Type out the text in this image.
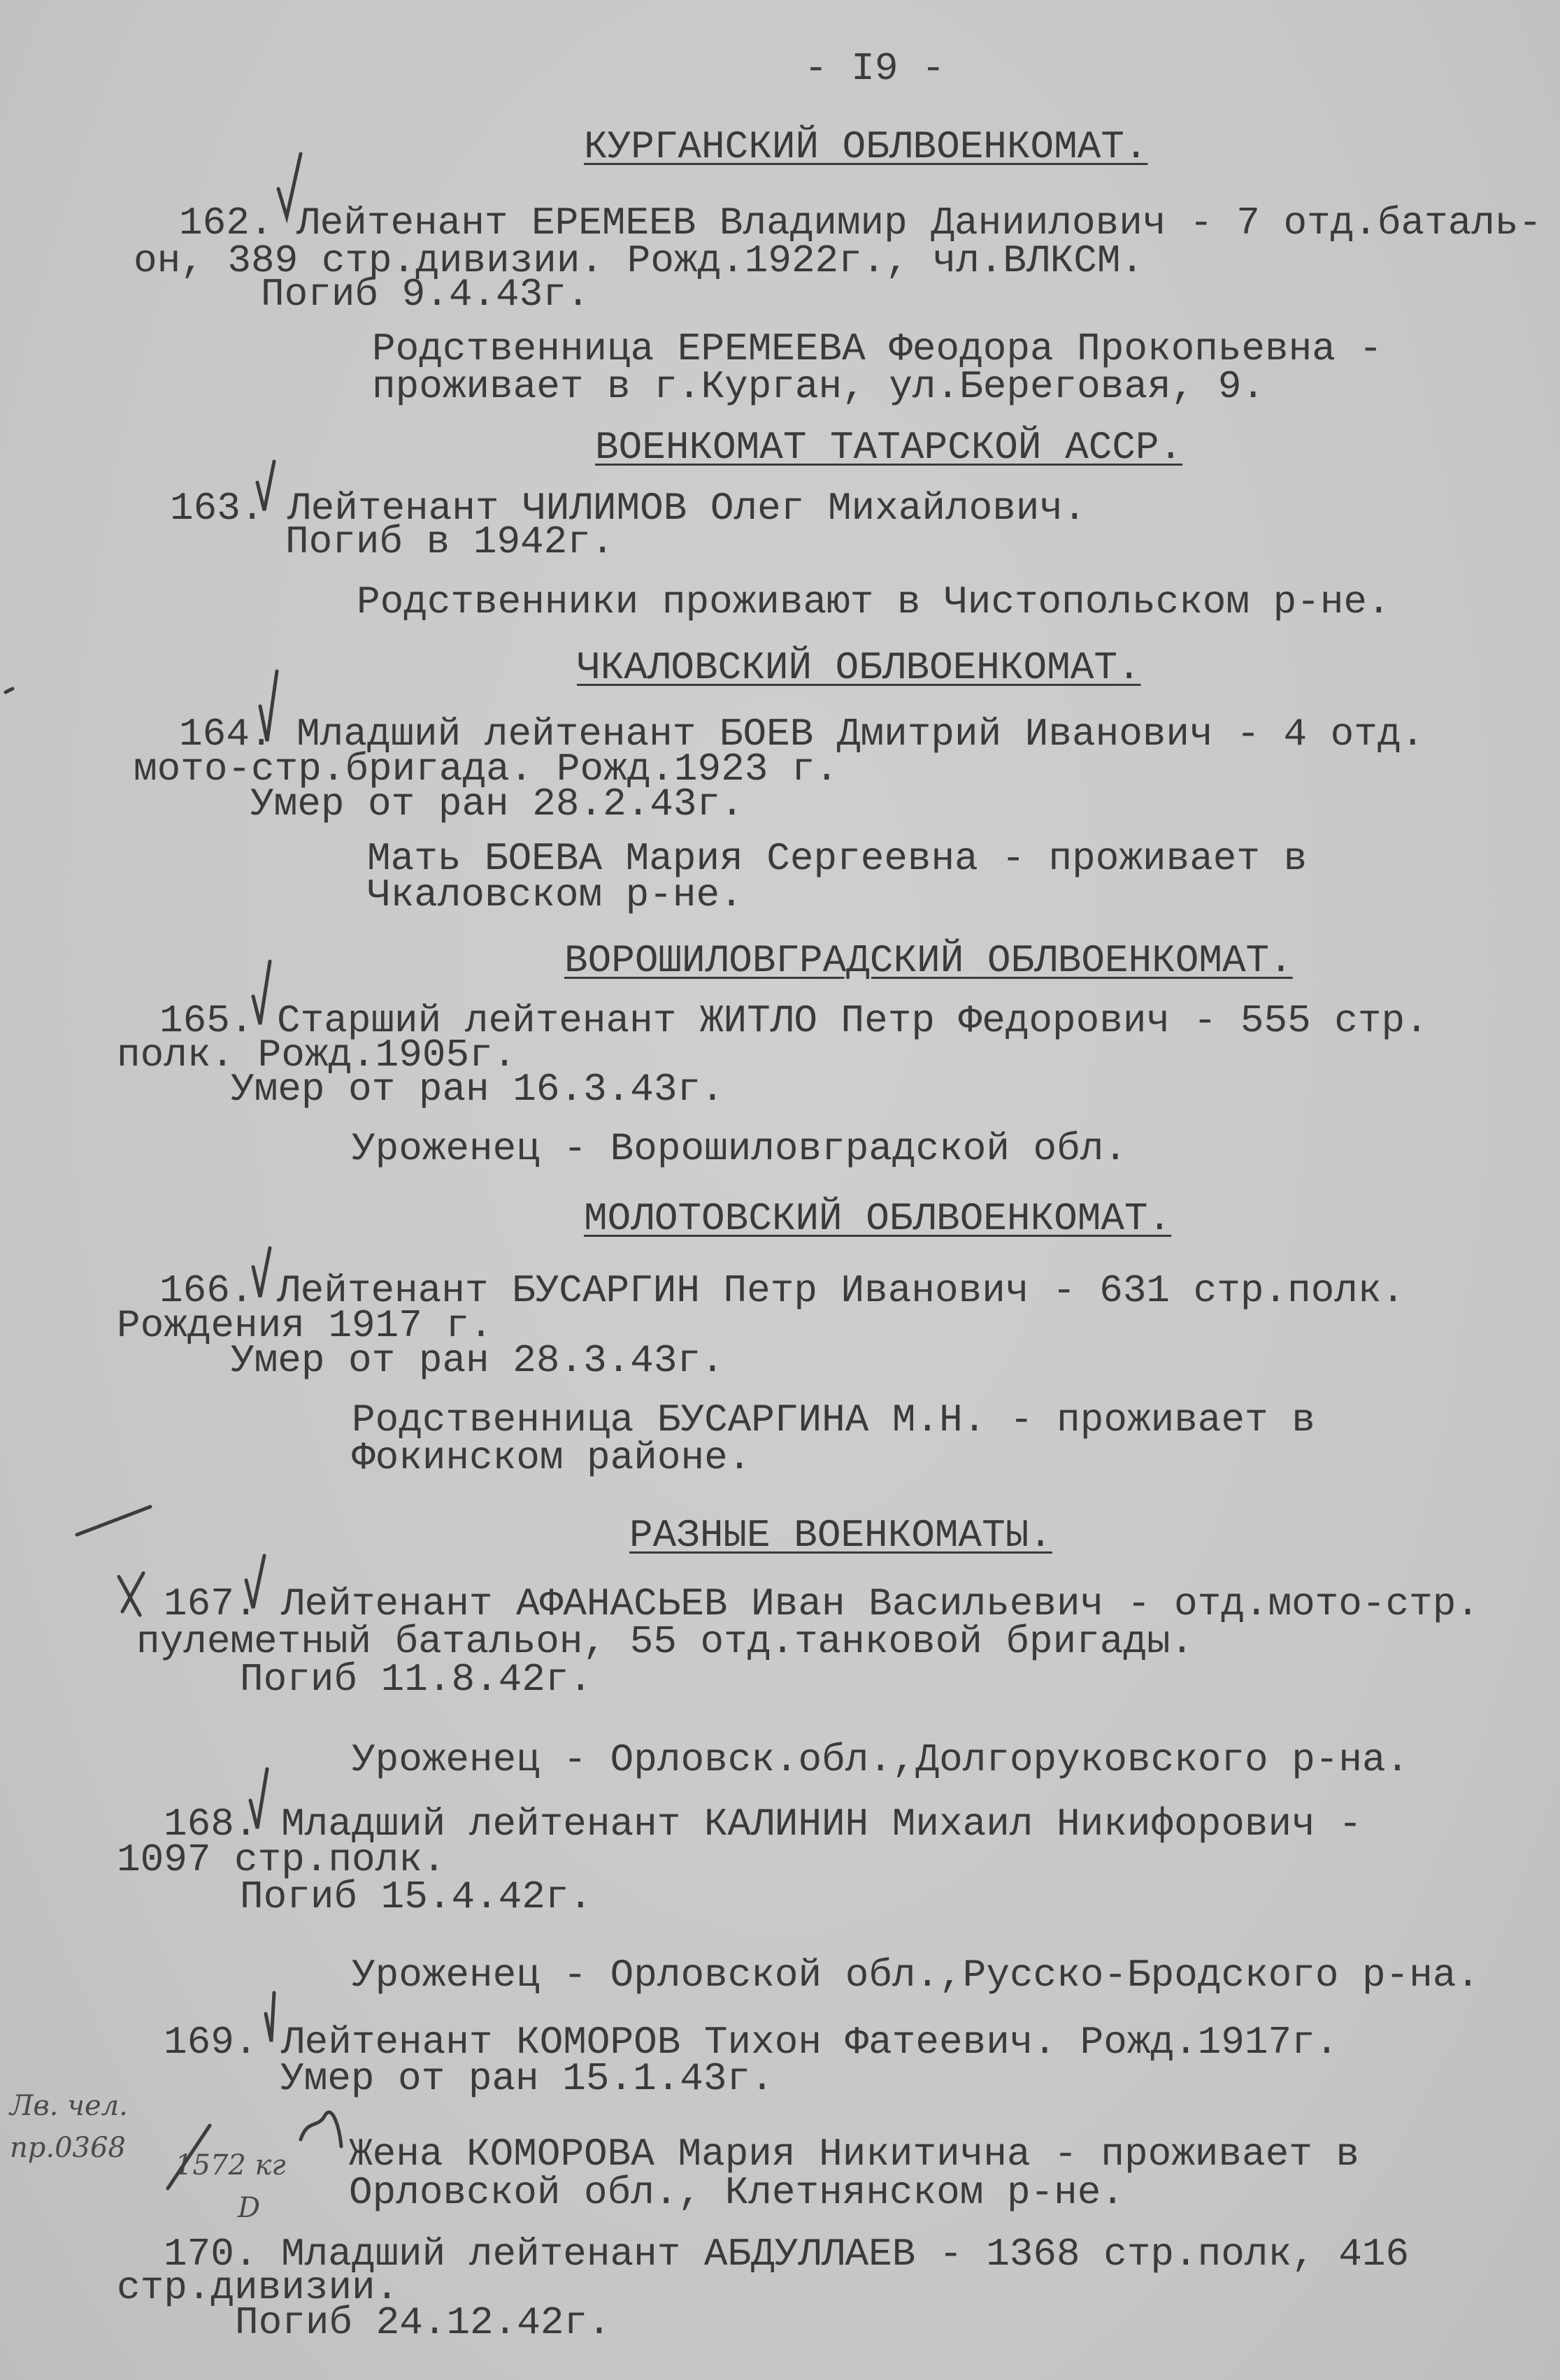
- I9 -
КУРГАНСКИЙ ОБЛВОЕНКОМАТ.
162. Лейтенант ЕРЕМЕЕВ Владимир Даниилович - 7 отд.баталь-
он, 389 стр.дивизии. Рожд.1922г., чл.ВЛКСМ.
Погиб 9.4.43г.
Родственница ЕРЕМЕЕВА Феодора Прокопьевна -
проживает в г.Курган, ул.Береговая, 9.
ВОЕНКОМАТ ТАТАРСКОЙ АССР.
163. Лейтенант ЧИЛИМОВ Олег Михайлович.
Погиб в 1942г.
Родственники проживают в Чистопольском р-не.
ЧКАЛОВСКИЙ ОБЛВОЕНКОМАТ.
164. Младший лейтенант БОЕВ Дмитрий Иванович - 4 отд.
мото-стр.бригада. Рожд.1923 г.
Умер от ран 28.2.43г.
Мать БОЕВА Мария Сергеевна - проживает в
Чкаловском р-не.
ВОРОШИЛОВГРАДСКИЙ ОБЛВОЕНКОМАТ.
165. Старший лейтенант ЖИТЛО Петр Федорович - 555 стр.
полк. Рожд.1905г.
Умер от ран 16.3.43г.
Уроженец - Ворошиловградской обл.
МОЛОТОВСКИЙ ОБЛВОЕНКОМАТ.
166. Лейтенант БУСАРГИН Петр Иванович - 631 стр.полк.
Рождения 1917 г.
Умер от ран 28.3.43г.
Родственница БУСАРГИНА М.Н. - проживает в
Фокинском районе.
РАЗНЫЕ ВОЕНКОМАТЫ.
167. Лейтенант АФАНАСЬЕВ Иван Васильевич - отд.мото-стр.
пулеметный батальон, 55 отд.танковой бригады.
Погиб 11.8.42г.
Уроженец - Орловск.обл.,Долгоруковского р-на.
168. Младший лейтенант КАЛИНИН Михаил Никифорович -
1097 стр.полк.
Погиб 15.4.42г.
Уроженец - Орловской обл.,Русско-Бродского р-на.
169. Лейтенант КОМОРОВ Тихон Фатеевич. Рожд.1917г.
Умер от ран 15.1.43г.
Жена КОМОРОВА Мария Никитична - проживает в
Орловской обл., Клетнянском р-не.
170. Младший лейтенант АБДУЛЛАЕВ - 1368 стр.полк, 416
стр.дивизии.
Погиб 24.12.42г.
Лв. чел.
пр.0368
1572 кг
D
